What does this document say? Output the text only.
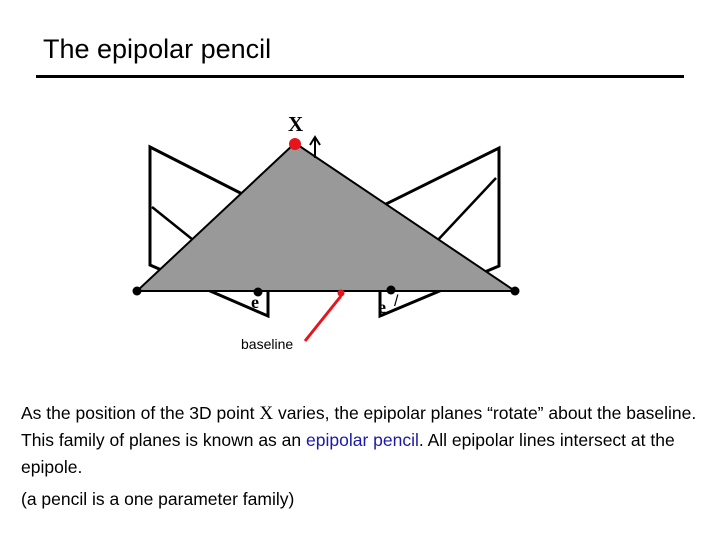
The epipolar pencil
X
e	e /
baseline

As the position of the 3D point X varies, the epipolar planes “rotate” about the baseline. This family of planes is known as an epipolar pencil. All epipolar lines intersect at the epipole.

(a pencil is a one parameter family)
